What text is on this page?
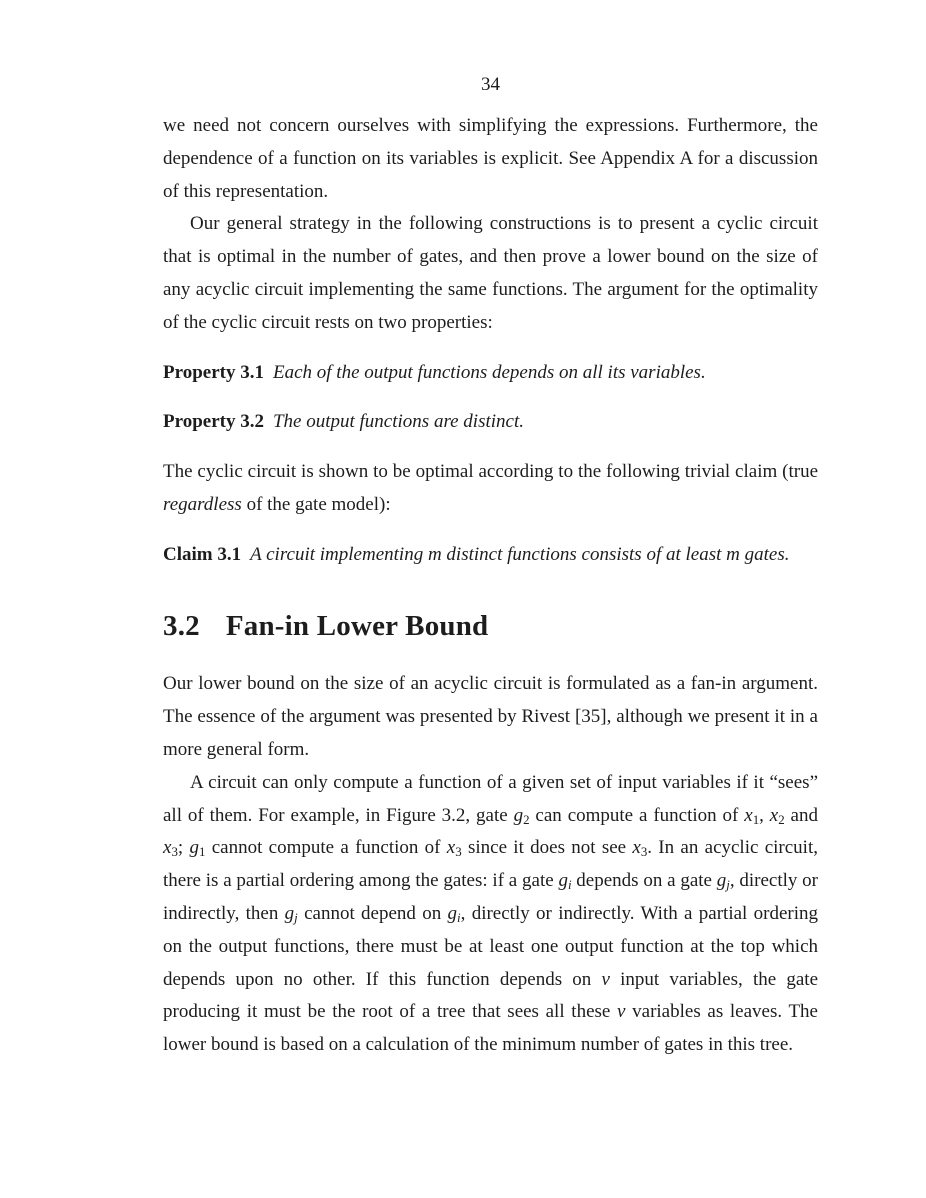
34

we need not concern ourselves with simplifying the expressions. Furthermore, the dependence of a function on its variables is explicit. See Appendix A for a discussion of this representation.

Our general strategy in the following constructions is to present a cyclic circuit that is optimal in the number of gates, and then prove a lower bound on the size of any acyclic circuit implementing the same functions. The argument for the optimality of the cyclic circuit rests on two properties:

Property 3.1 Each of the output functions depends on all its variables.
Property 3.2 The output functions are distinct.

The cyclic circuit is shown to be optimal according to the following trivial claim (true regardless of the gate model):

Claim 3.1 A circuit implementing m distinct functions consists of at least m gates.
3.2 Fan-in Lower Bound

Our lower bound on the size of an acyclic circuit is formulated as a fan-in argument. The essence of the argument was presented by Rivest [35], although we present it in a more general form.

A circuit can only compute a function of a given set of input variables if it “sees” all of them. For example, in Figure 3.2, gate $g_2$ can compute a function of $x_1$, $x_2$ and $x_3$; $g_1$ cannot compute a function of $x_3$ since it does not see $x_3$. In an acyclic circuit, there is a partial ordering among the gates: if a gate $g_i$ depends on a gate $g_j$, directly or indirectly, then $g_j$ cannot depend on $g_i$, directly or indirectly. With a partial ordering on the output functions, there must be at least one output function at the top which depends upon no other. If this function depends on v input variables, the gate producing it must be the root of a tree that sees all these v variables as leaves. The lower bound is based on a calculation of the minimum number of gates in this tree.
